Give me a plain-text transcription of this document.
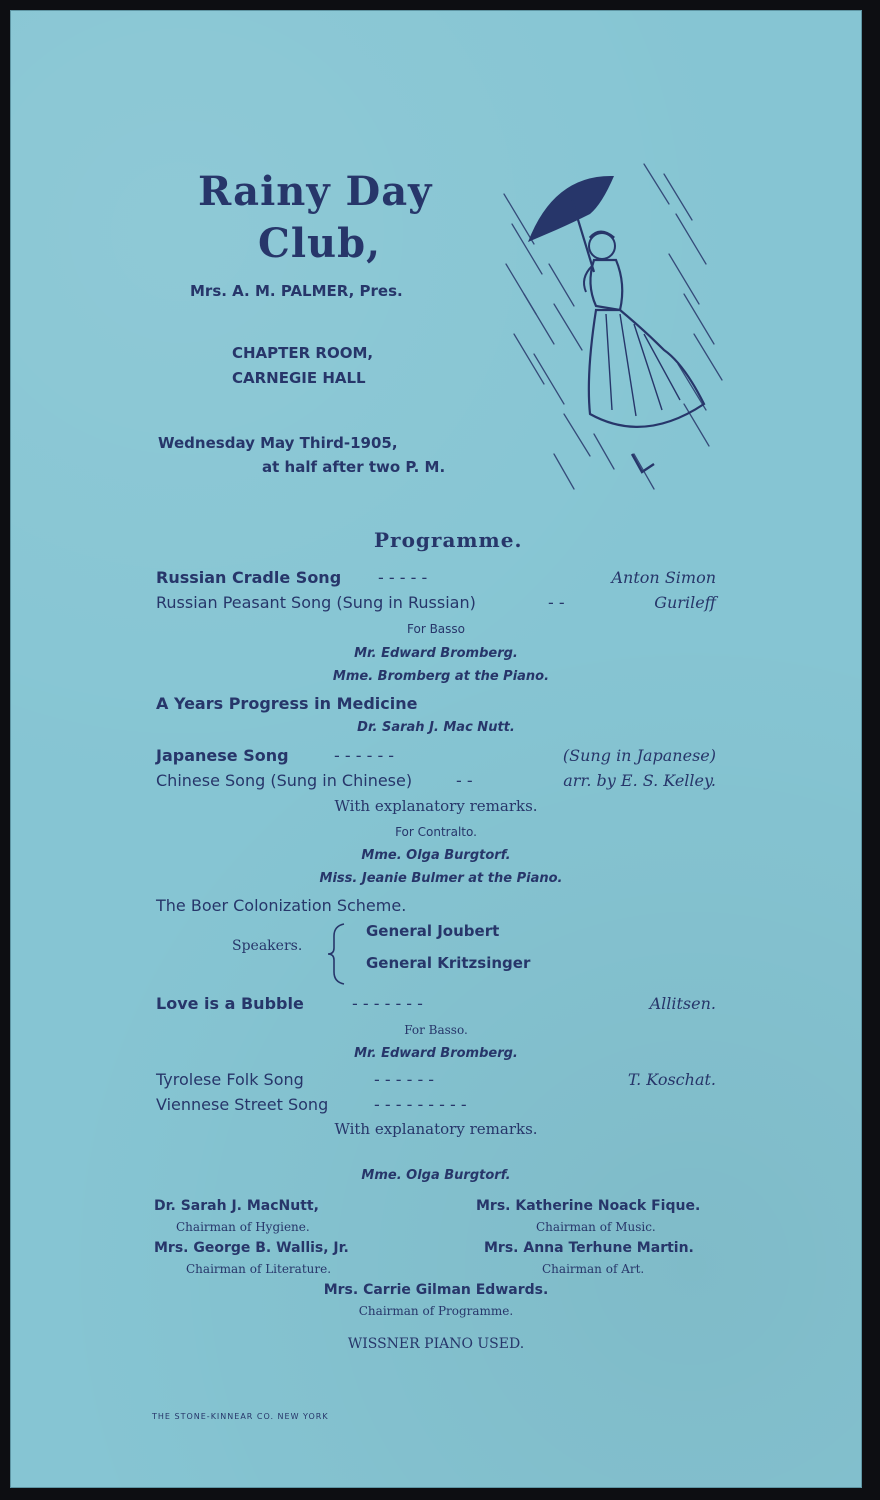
Rainy Day
Club,
Mrs. A. M. PALMER, Pres.
CHAPTER ROOM,
CARNEGIE HALL
Wednesday May Third-1905,
at half after two P. M.
Programme.
Russian Cradle Song - - - - -	Anton Simon
Russian Peasant Song (Sung in Russian)	- -	Gurileff
For Basso
Mr. Edward Bromberg.
Mme. Bromberg at the Piano.
A Years Progress in Medicine
Dr. Sarah J. Mac Nutt.
Japanese Song	- - - - - -	(Sung in Japanese)
Chinese Song (Sung in Chinese)	- -	arr. by E. S. Kelley.
With explanatory remarks.
For Contralto.
Mme. Olga Burgtorf.
Miss. Jeanie Bulmer at the Piano.
The Boer Colonization Scheme.
Speakers.
General Joubert
General Kritzsinger
Love is a Bubble	- - - - - - -	Allitsen.
For Basso.
Mr. Edward Bromberg.
Tyrolese Folk Song	- - - - - -	T. Koschat.
Viennese Street Song	- - - - - - - - -
With explanatory remarks.
Mme. Olga Burgtorf.
Dr. Sarah J. MacNutt,
Chairman of Hygiene.
Mrs. Katherine Noack Fique.
Chairman of Music.
Mrs. George B. Wallis, Jr.
Chairman of Literature.
Mrs. Anna Terhune Martin.
Chairman of Art.
Mrs. Carrie Gilman Edwards.
Chairman of Programme.
WISSNER PIANO USED.
THE STONE-KINNEAR CO. NEW YORK
